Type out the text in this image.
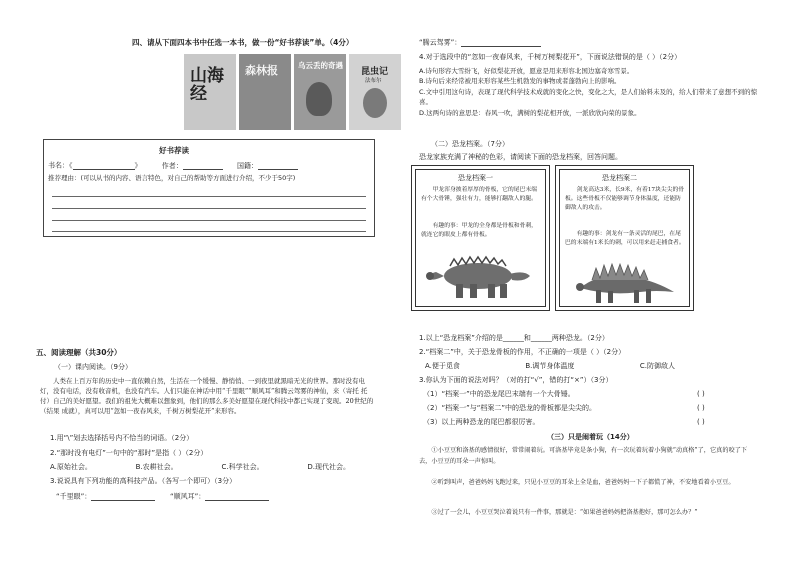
四、请从下面四本书中任选一本书，做一份“好书荐读”单。（4分）
山海经
森林报	乌云丢的奇遇
昆虫记
法布尔
好书荐读
书名：《	》	作者：	国籍：
推荐理由：(可以从书的内容、语言特色，对自己的帮助等方面进行介绍，不少于50字)
五、阅读理解（共30分）
（一）课内阅读。（9分）
人类在上百万年的历史中一直依赖自然，生活在一个缓慢、静悄悄、一到夜里就黑暗无光的世界。那时没有电灯，没有电话，没有收音机，也没有汽车。人们只能在神话中用“千里眼”“顺风耳”和腾云驾雾的神仙，来（寄托 托付）自己的美好愿望。我们的祖先大概难以想象到，他们的那么多美好愿望在现代科技中都已实现了变现。20世纪的（结果 成就），真可以用“忽如一夜春风来，千树万树梨花开”来形容。
1.用“\”划去选择括号内不恰当的词语。（2分）
2.“那时没有电灯”一句中的“那时”是指（ ）（2分）
A.原始社会。	B.农耕社会。	C.科学社会。	D.现代社会。
3.说说具有下列功能的高科技产品。（各写一个即可）（3分）
“千里眼”：	“顺风耳”：
“腾云驾雾”：
4.对于选段中的“忽如一夜春风来，千树万树梨花开”，下面说法错误的是（ ）（2分）
A.诗句形容大雪纷飞，好似梨花开放，愿意是用来形容北国边塞奇寒雪景。
B.诗句后来经常被用来形容某些生机勃发的事物或者蓬勃向上的影响。
C.文中引用这句诗，表现了现代科学技术成就的变化之快，变化之大，是人们始料未及的，给人们带来了意想不到的惊喜。
D.这两句诗的意思是：春风一吹，满树的梨花相开放，一派欣欣向荣的景象。
（二）恐龙档案。（7分）
恐龙家族充满了神秘的色彩，请阅读下面的恐龙档案，回答问题。
恐龙档案一
甲龙浑身披着厚厚的骨板，它的尾巴末端有个大骨锤，强壮有力，能够打翻敌人的腿。
有趣的事：甲龙的全身都是骨板和骨刺，就连它的眼皮上都有骨板。
恐龙档案二
剑龙高达3米，长9米，有着17块尖尖的骨板。这些骨板不仅能够调节身体温度，还能防御敌人的攻击。
有趣的事：剑龙有一条灵活的尾巴，在尾巴的末端有1米长的刺，可以用来赶走捕食者。
1.以上“恐龙档案”介绍的是______和______两种恐龙。（2分）
2.“档案二”中，关于恐龙骨板的作用，不正确的一项是（ ）（2分）
A.便于觅食	B.调节身体温度	C.防御敌人
3.你认为下面的说法对吗？（对的打“√”，错的打“×”）（3分）
（1）“档案一”中的恐龙尾巴末端有一个大骨锤。	( )
（2）“档案一”与“档案二”中的恐龙的骨板都是尖尖的。	( )
（3）以上两种恐龙的尾巴都很厉害。	( )
（三）只是闹着玩（14分）
①小豆豆和洛基的感情很好，常常闹着玩。可洛基毕竟是条小狗，有一次玩着玩着小狗就“动真格”了，它真的咬了下去，小豆豆的耳朵一声惊叫。
②听到叫声，爸爸妈妈飞跑过来，只见小豆豆的耳朵上全是血，爸爸妈妈一下子都慌了神，不安地看着小豆豆。
③过了一会儿，小豆豆哭泣着说只有一件事，那就是：“如果爸爸妈妈把洛基抱好，那可怎么办？”
